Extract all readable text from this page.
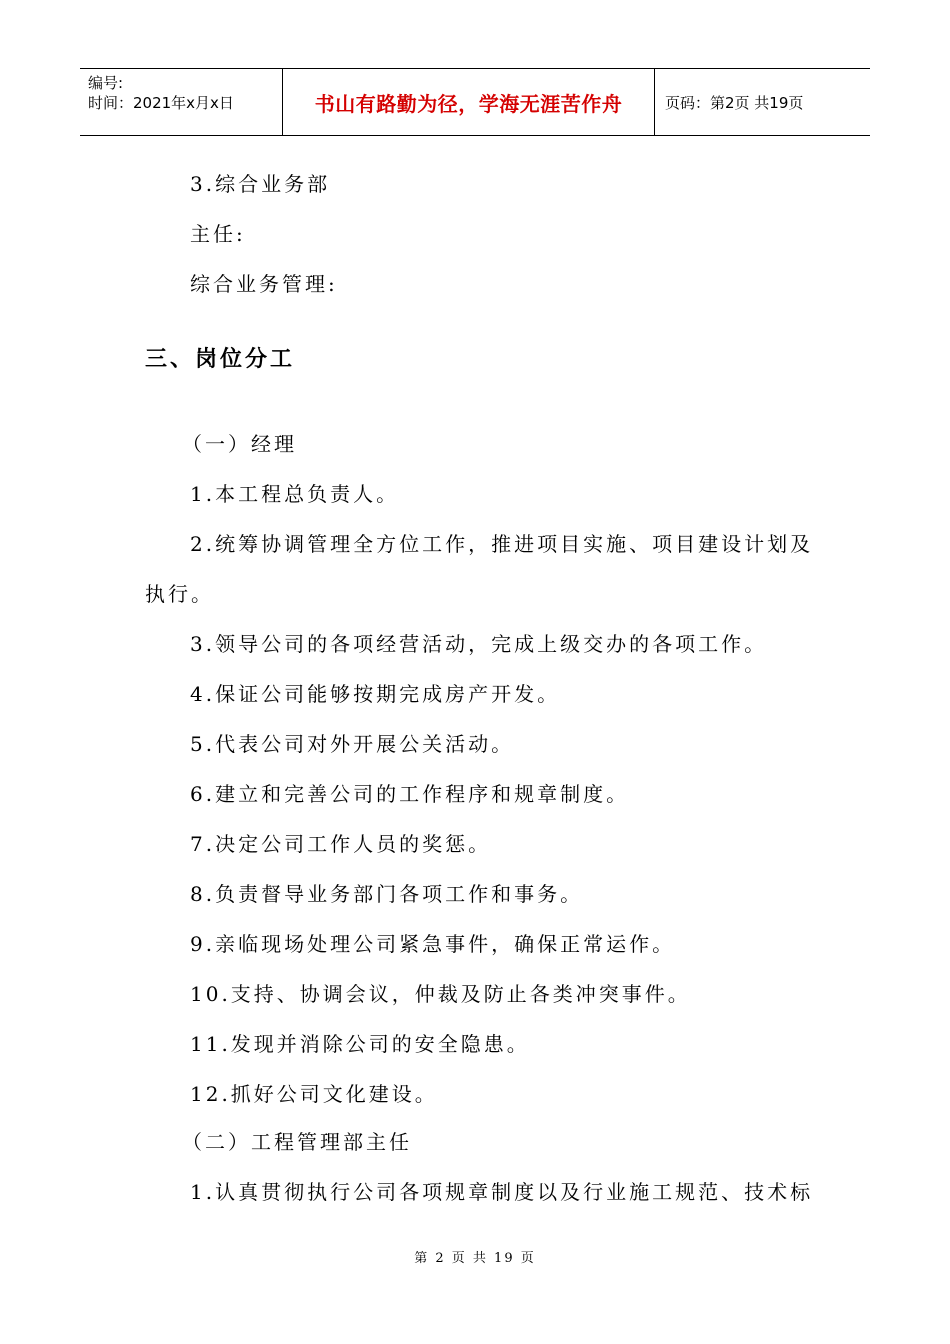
编号:
时间：2021年x月x日	书山有路勤为径，学海无涯苦作舟	页码：第2页 共19页
3.综合业务部
主任:
综合业务管理:
三、岗位分工
（一）经理
1.本工程总负责人。
2.统筹协调管理全方位工作，推进项目实施、项目建设计划及
执行。
3.领导公司的各项经营活动，完成上级交办的各项工作。
4.保证公司能够按期完成房产开发。
5.代表公司对外开展公关活动。
6.建立和完善公司的工作程序和规章制度。
7.决定公司工作人员的奖惩。
8.负责督导业务部门各项工作和事务。
9.亲临现场处理公司紧急事件，确保正常运作。
10.支持、协调会议，仲裁及防止各类冲突事件。
11.发现并消除公司的安全隐患。
12.抓好公司文化建设。
（二）工程管理部主任
1.认真贯彻执行公司各项规章制度以及行业施工规范、技术标
第 2 页 共 19 页
